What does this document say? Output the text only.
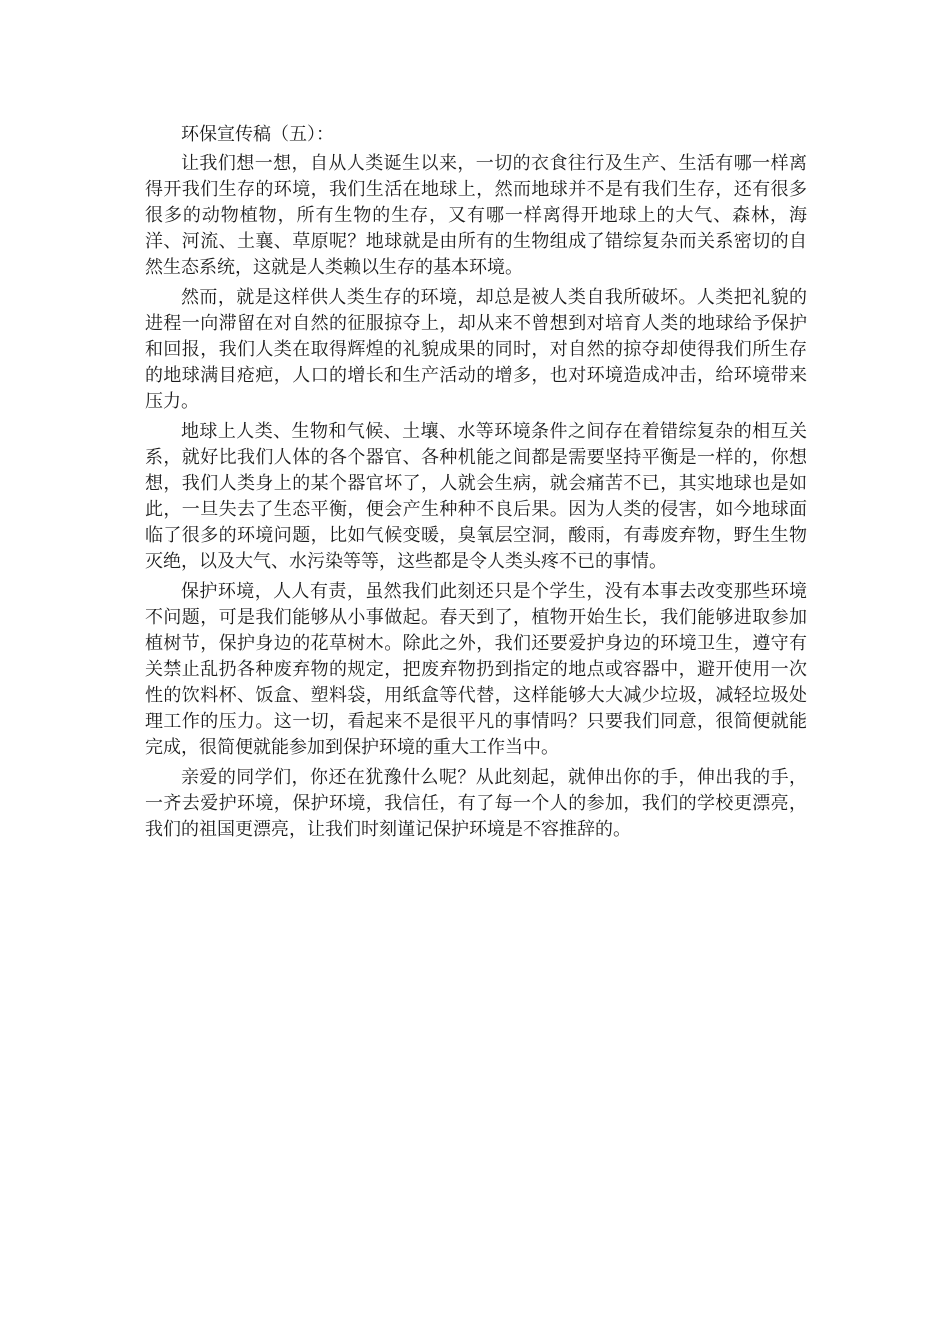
环保宣传稿（五）：

让我们想一想，自从人类诞生以来，一切的衣食往行及生产、生活有哪一样离得开我们生存的环境，我们生活在地球上，然而地球并不是有我们生存，还有很多很多的动物植物，所有生物的生存，又有哪一样离得开地球上的大气、森林，海洋、河流、土襄、草原呢？地球就是由所有的生物组成了错综复杂而关系密切的自然生态系统，这就是人类赖以生存的基本环境。

然而，就是这样供人类生存的环境，却总是被人类自我所破坏。人类把礼貌的进程一向滞留在对自然的征服掠夺上，却从来不曾想到对培育人类的地球给予保护和回报，我们人类在取得辉煌的礼貌成果的同时，对自然的掠夺却使得我们所生存的地球满目疮疤，人口的增长和生产活动的增多，也对环境造成冲击，给环境带来压力。

地球上人类、生物和气候、土壤、水等环境条件之间存在着错综复杂的相互关系，就好比我们人体的各个器官、各种机能之间都是需要坚持平衡是一样的，你想想，我们人类身上的某个器官坏了，人就会生病，就会痛苦不已，其实地球也是如此，一旦失去了生态平衡，便会产生种种不良后果。因为人类的侵害，如今地球面临了很多的环境问题，比如气候变暖，臭氧层空洞，酸雨，有毒废弃物，野生生物灭绝，以及大气、水污染等等，这些都是令人类头疼不已的事情。

保护环境，人人有责，虽然我们此刻还只是个学生，没有本事去改变那些环境不问题，可是我们能够从小事做起。春天到了，植物开始生长，我们能够进取参加植树节，保护身边的花草树木。除此之外，我们还要爱护身边的环境卫生，遵守有关禁止乱扔各种废弃物的规定，把废弃物扔到指定的地点或容器中，避开使用一次性的饮料杯、饭盒、塑料袋，用纸盒等代替，这样能够大大减少垃圾，减轻垃圾处理工作的压力。这一切，看起来不是很平凡的事情吗？只要我们同意，很简便就能完成，很简便就能参加到保护环境的重大工作当中。

亲爱的同学们，你还在犹豫什么呢？从此刻起，就伸出你的手，伸出我的手，一齐去爱护环境，保护环境，我信任，有了每一个人的参加，我们的学校更漂亮，我们的祖国更漂亮，让我们时刻谨记保护环境是不容推辞的。
